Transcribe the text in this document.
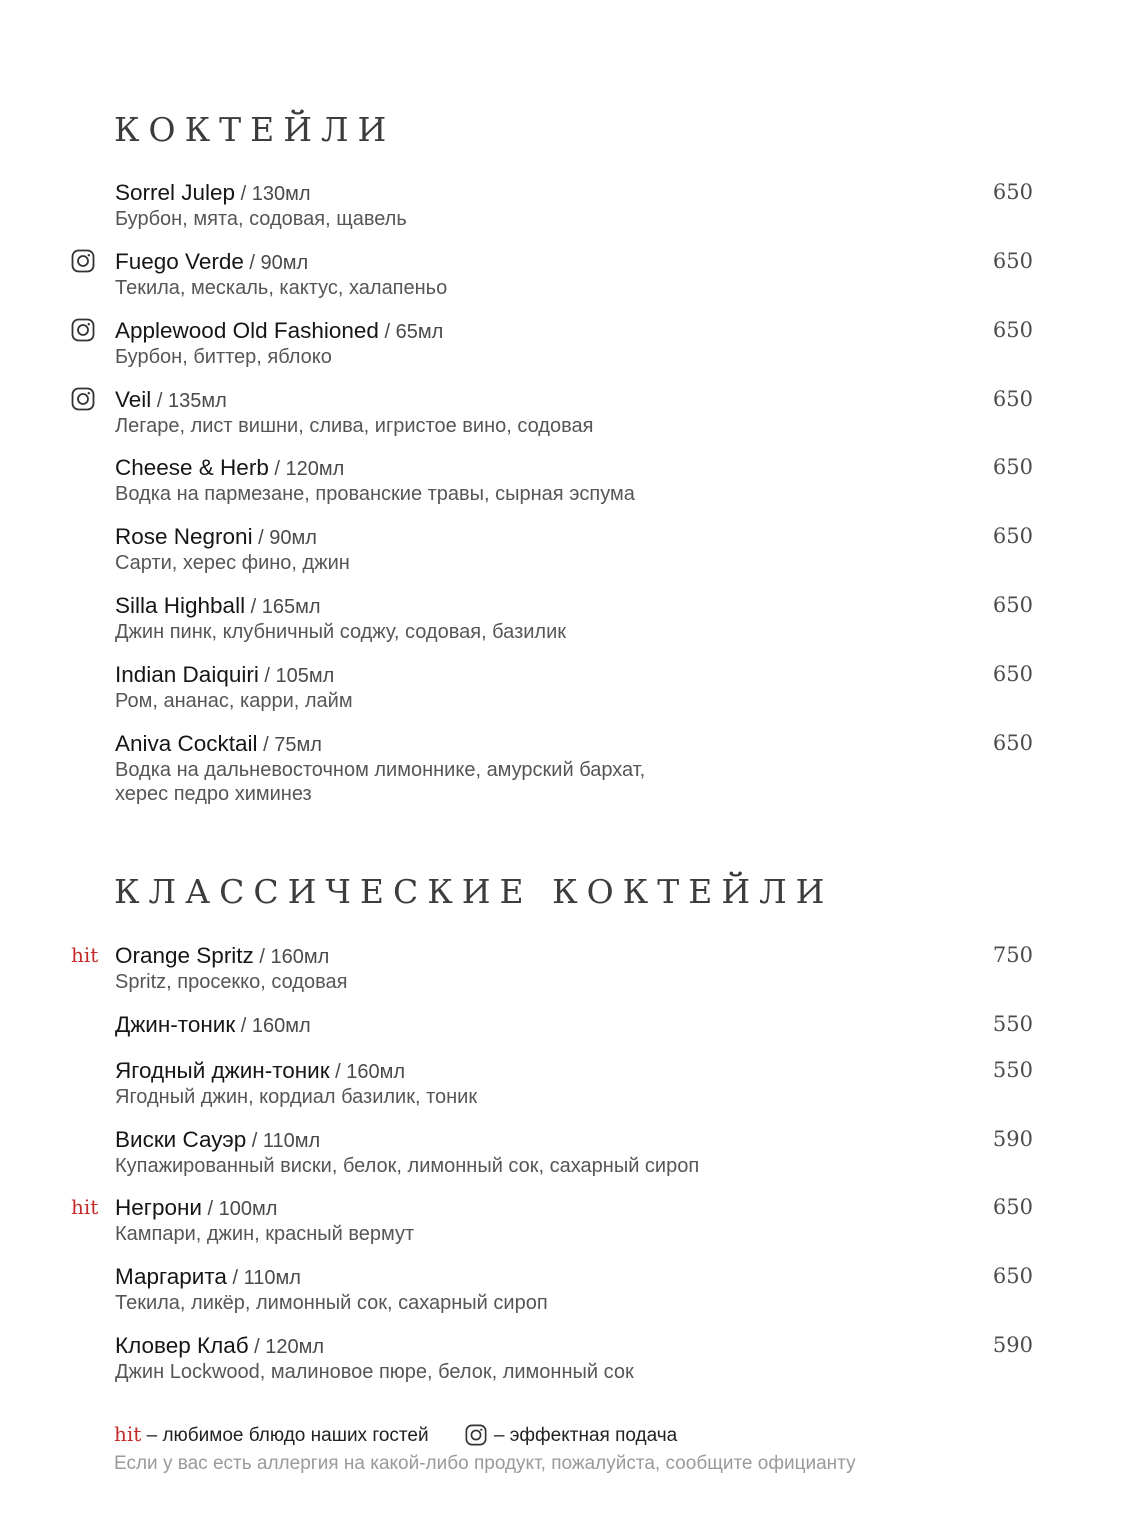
КОКТЕЙЛИ
Sorrel Julep / 130мл
Бурбон, мята, содовая, щавель
650
Fuego Verde / 90мл
Текила, мескаль, кактус, халапеньо
650
Applewood Old Fashioned / 65мл
Бурбон, биттер, яблоко
650
Veil / 135мл
Легаре, лист вишни, слива, игристое вино, содовая
650
Cheese & Herb / 120мл
Водка на пармезане, прованские травы, сырная эспума
650
Rose Negroni / 90мл
Сарти, херес фино, джин
650
Silla Highball / 165мл
Джин пинк, клубничный соджу, содовая, базилик
650
Indian Daiquiri / 105мл
Ром, ананас, карри, лайм
650
Aniva Cocktail / 75мл
Водка на дальневосточном лимоннике, амурский бархат,
херес педро химинез
650
КЛАССИЧЕСКИЕ КОКТЕЙЛИ
hit Orange Spritz / 160мл
Spritz, просекко, содовая
750
Джин-тоник / 160мл	550
Ягодный джин-тоник / 160мл
Ягодный джин, кордиал базилик, тоник
550
Виски Сауэр / 110мл
Купажированный виски, белок, лимонный сок, сахарный сироп
590
hit Негрони / 100мл
Кампари, джин, красный вермут
650
Маргарита / 110мл
Текила, ликёр, лимонный сок, сахарный сироп
650
Кловер Клаб / 120мл
Джин Lockwood, малиновое пюре, белок, лимонный сок
590
hit – любимое блюдо наших гостей	– эффектная подача
Если у вас есть аллергия на какой-либо продукт, пожалуйста, сообщите официанту
